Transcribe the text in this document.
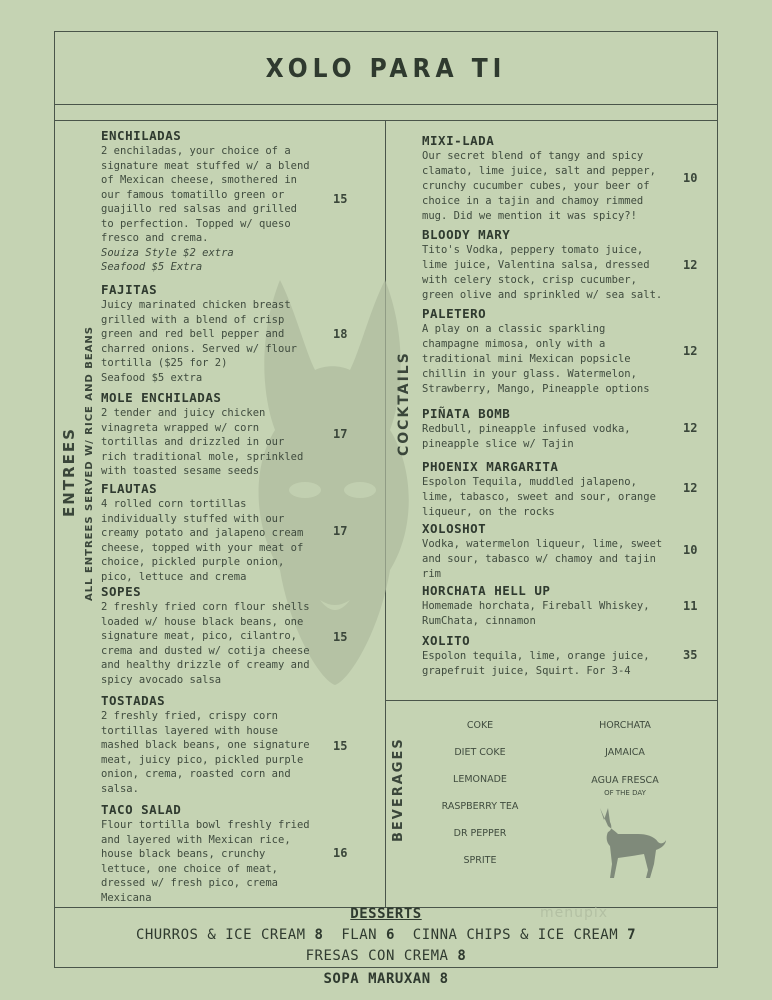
XOLO PARA TI
ENTREES ALL ENTREES SERVED W/ RICE AND BEANS
ENCHILADAS
2 enchiladas, your choice of a
signature meat stuffed w/ a blend
of Mexican cheese, smothered in
our famous tomatillo green or
guajillo red salsas and grilled
to perfection. Topped w/ queso
fresco and crema.
Souiza Style $2 extra
Seafood $5 Extra
15
FAJITAS
Juicy marinated chicken breast
grilled with a blend of crisp
green and red bell pepper and
charred onions. Served w/ flour
tortilla ($25 for 2)
Seafood $5 extra
18
MOLE ENCHILADAS
2 tender and juicy chicken
vinagreta wrapped w/ corn
tortillas and drizzled in our
rich traditional mole, sprinkled
with toasted sesame seeds
17
FLAUTAS
4 rolled corn tortillas
individually stuffed with our
creamy potato and jalapeno cream
cheese, topped with your meat of
choice, pickled purple onion,
pico, lettuce and crema
17
SOPES
2 freshly fried corn flour shells
loaded w/ house black beans, one
signature meat, pico, cilantro,
crema and dusted w/ cotija cheese
and healthy drizzle of creamy and
spicy avocado salsa
15
TOSTADAS
2 freshly fried, crispy corn
tortillas layered with house
mashed black beans, one signature
meat, juicy pico, pickled purple
onion, crema, roasted corn and
salsa.
15
TACO SALAD
Flour tortilla bowl freshly fried
and layered with Mexican rice,
house black beans, crunchy
lettuce, one choice of meat,
dressed w/ fresh pico, crema
Mexicana
16
COCKTAILS
MIXI-LADA
Our secret blend of tangy and spicy
clamato, lime juice, salt and pepper,
crunchy cucumber cubes, your beer of
choice in a tajin and chamoy rimmed
mug. Did we mention it was spicy?!
10
BLOODY MARY
Tito's Vodka, peppery tomato juice,
lime juice, Valentina salsa, dressed
with celery stock, crisp cucumber,
green olive and sprinkled w/ sea salt.
12
PALETERO
A play on a classic sparkling
champagne mimosa, only with a
traditional mini Mexican popsicle
chillin in your glass. Watermelon,
Strawberry, Mango, Pineapple options
12
PIÑATA BOMB
Redbull, pineapple infused vodka,
pineapple slice w/ Tajin
12
PHOENIX MARGARITA
Espolon Tequila, muddled jalapeno,
lime, tabasco, sweet and sour, orange
liqueur, on the rocks
12
XOLOSHOT
Vodka, watermelon liqueur, lime, sweet
and sour, tabasco w/ chamoy and tajin
rim
10
HORCHATA HELL UP
Homemade horchata, Fireball Whiskey,
RumChata, cinnamon
11
XOLITO
Espolon tequila, lime, orange juice,
grapefruit juice, Squirt. For 3-4
35
BEVERAGES
COKE
DIET COKE
LEMONADE
RASPBERRY TEA
DR PEPPER
SPRITE
HORCHATA
JAMAICA
AGUA FRESCA
OF THE DAY
menupix
DESSERTS
CHURROS & ICE CREAM 8 FLAN 6 CINNA CHIPS & ICE CREAM 7
FRESAS CON CREMA 8
SOPA MARUXAN 8
